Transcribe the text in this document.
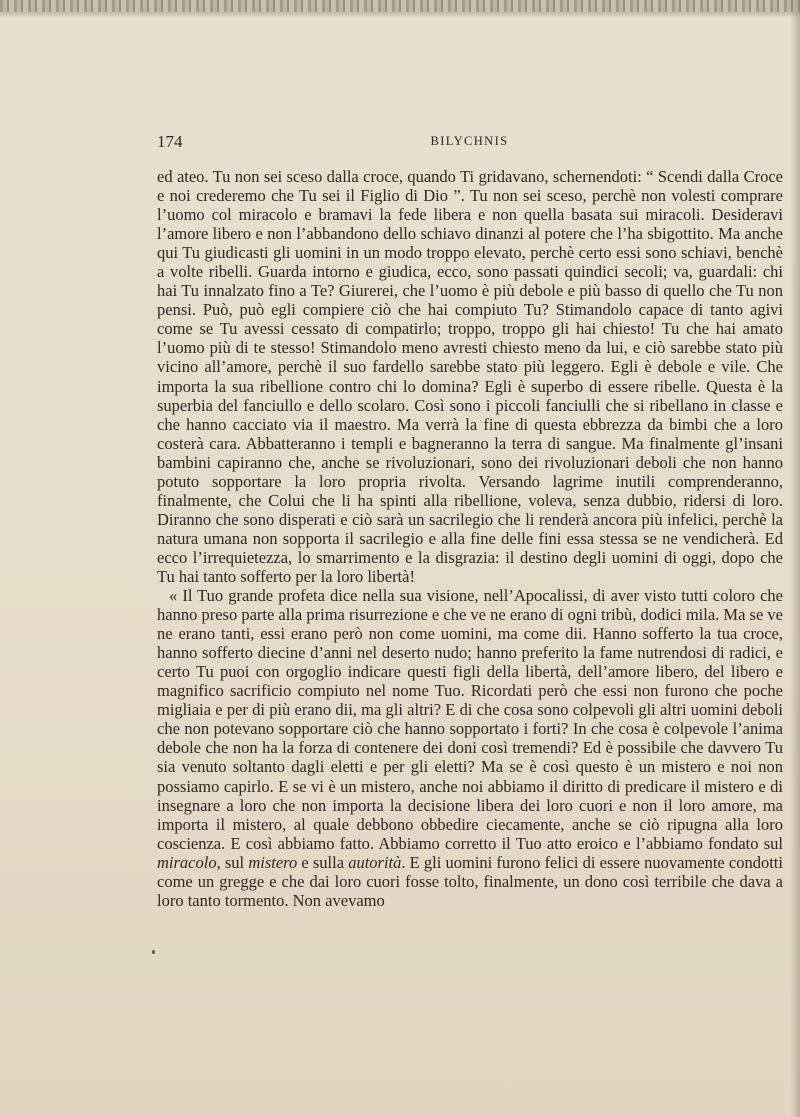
174	BILYCHNIS

ed ateo. Tu non sei sceso dalla croce, quando Ti gridavano, schernendoti: “ Scendi dalla Croce e noi crederemo che Tu sei il Figlio di Dio ”. Tu non sei sceso, perchè non volesti comprare l’uomo col miracolo e bramavi la fede libera e non quella basata sui miracoli. Desideravi l’amore libero e non l’abbandono dello schiavo dinanzi al potere che l’ha sbigottito. Ma anche qui Tu giudicasti gli uomini in un modo troppo elevato, perchè certo essi sono schiavi, benchè a volte ribelli. Guarda intorno e giudica, ecco, sono passati quindici secoli; va, guardali: chi hai Tu innalzato fino a Te? Giurerei, che l’uomo è più debole e più basso di quello che Tu non pensi. Può, può egli compiere ciò che hai compiuto Tu? Stimandolo capace di tanto agivi come se Tu avessi cessato di compatirlo; troppo, troppo gli hai chiesto! Tu che hai amato l’uomo più di te stesso! Stimandolo meno avresti chiesto meno da lui, e ciò sarebbe stato più vicino all’amore, perchè il suo fardello sarebbe stato più leggero. Egli è debole e vile. Che importa la sua ribellione contro chi lo domina? Egli è superbo di essere ribelle. Questa è la superbia del fanciullo e dello scolaro. Così sono i piccoli fanciulli che si ribellano in classe e che hanno cacciato via il maestro. Ma verrà la fine di questa ebbrezza da bimbi che a loro costerà cara. Abbatteranno i templi e bagneranno la terra di sangue. Ma finalmente gl’insani bambini capiranno che, anche se rivoluzionari, sono dei rivoluzionari deboli che non hanno potuto sopportare la loro propria rivolta. Versando lagrime inutili comprenderanno, finalmente, che Colui che li ha spinti alla ribellione, voleva, senza dubbio, ridersi di loro. Diranno che sono disperati e ciò sarà un sacrilegio che li renderà ancora più infelici, perchè la natura umana non sopporta il sacrilegio e alla fine delle fini essa stessa se ne vendicherà. Ed ecco l’irrequietezza, lo smarrimento e la disgrazia: il destino degli uomini di oggi, dopo che Tu hai tanto sofferto per la loro libertà!

« Il Tuo grande profeta dice nella sua visione, nell’Apocalissi, di aver visto tutti coloro che hanno preso parte alla prima risurrezione e che ve ne erano di ogni tribù, dodici mila. Ma se ve ne erano tanti, essi erano però non come uomini, ma come dii. Hanno sofferto la tua croce, hanno sofferto diecine d’anni nel deserto nudo; hanno preferito la fame nutrendosi di radici, e certo Tu puoi con orgoglio indicare questi figli della libertà, dell’amore libero, del libero e magnifico sacrificio compiuto nel nome Tuo. Ricordati però che essi non furono che poche migliaia e per di più erano dii, ma gli altri? E di che cosa sono colpevoli gli altri uomini deboli che non potevano sopportare ciò che hanno sopportato i forti? In che cosa è colpevole l’anima debole che non ha la forza di contenere dei doni così tremendi? Ed è possibile che davvero Tu sia venuto soltanto dagli eletti e per gli eletti? Ma se è così questo è un mistero e noi non possiamo capirlo. E se vi è un mistero, anche noi abbiamo il diritto di predicare il mistero e di insegnare a loro che non importa la decisione libera dei loro cuori e non il loro amore, ma importa il mistero, al quale debbono obbedire ciecamente, anche se ciò ripugna alla loro coscienza. E così abbiamo fatto. Abbiamo corretto il Tuo atto eroico e l’abbiamo fondato sul miracolo, sul mistero e sulla autorità. E gli uomini furono felici di essere nuovamente condotti come un gregge e che dai loro cuori fosse tolto, finalmente, un dono così terribile che dava a loro tanto tormento. Non avevamo
